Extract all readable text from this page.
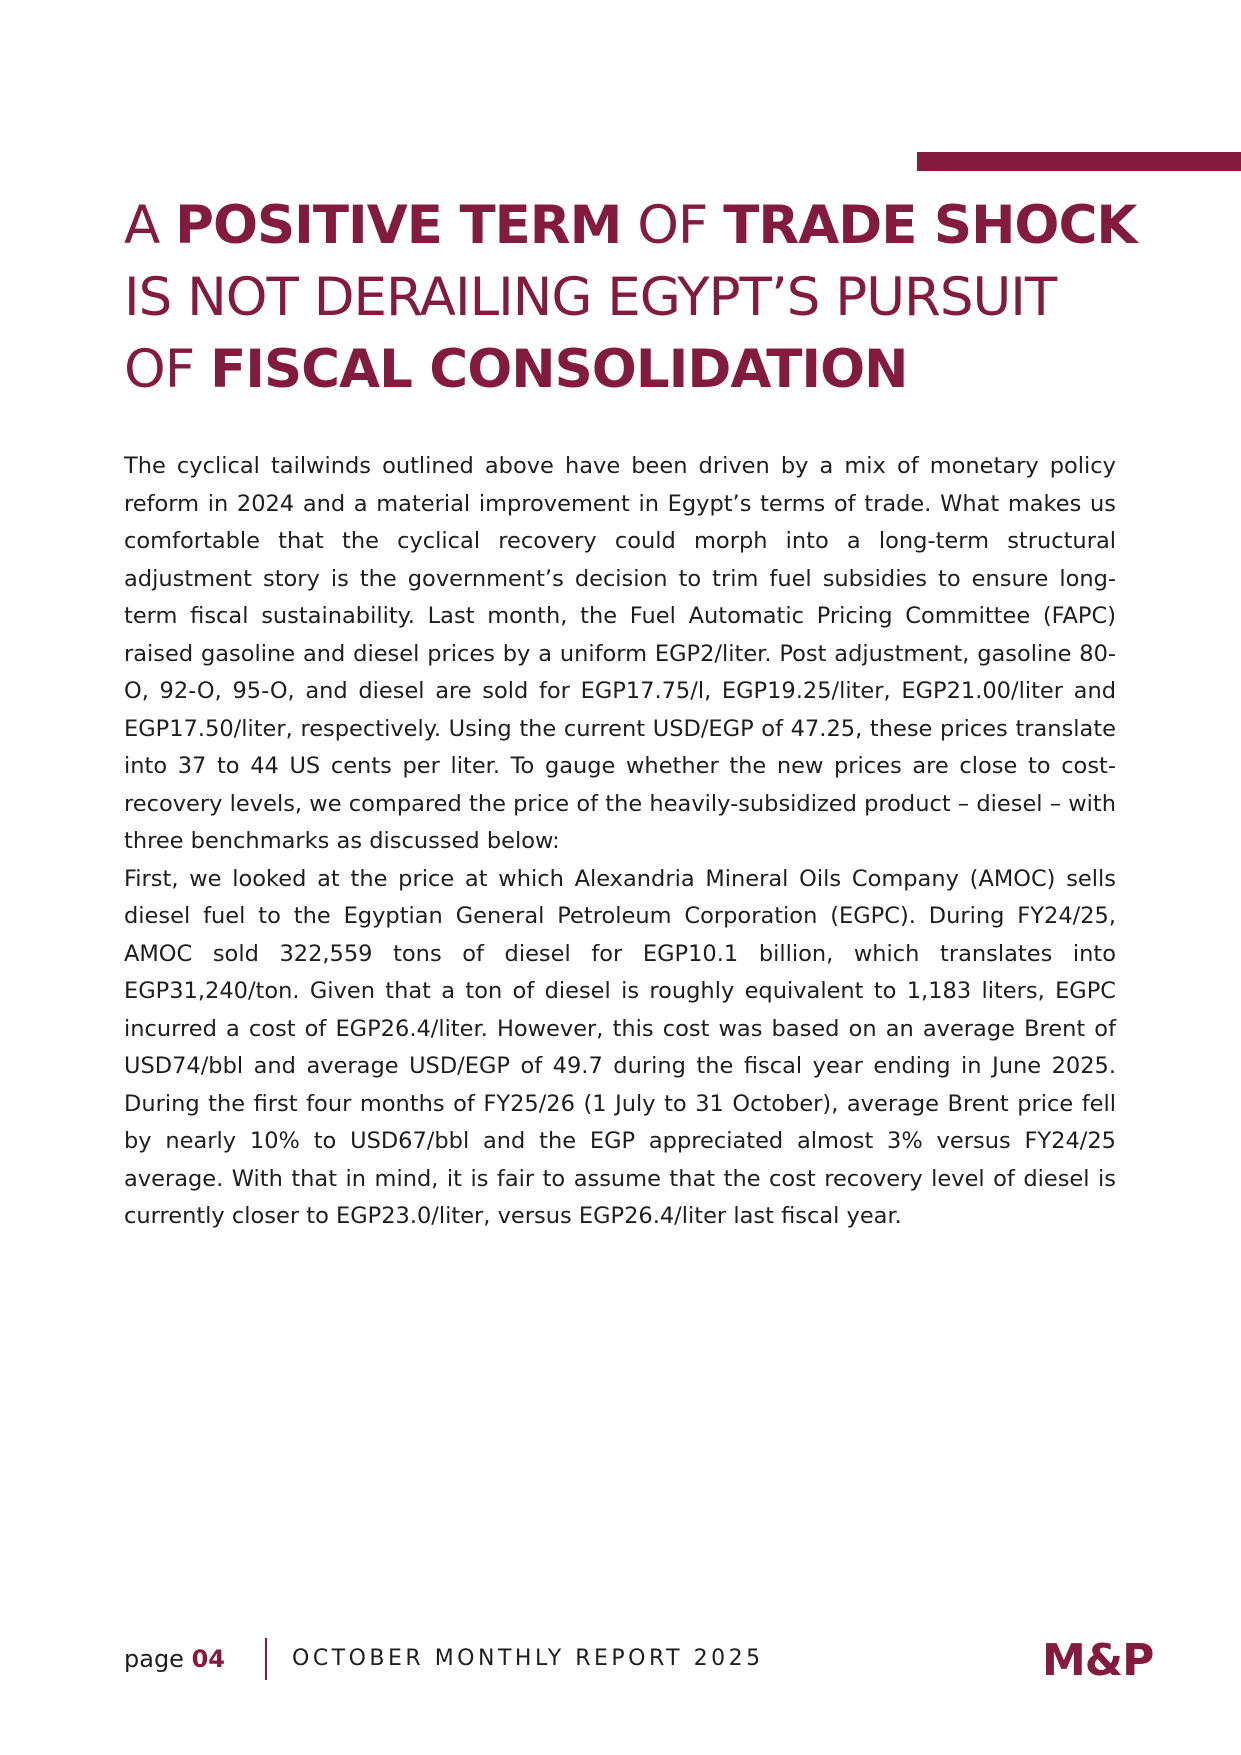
A POSITIVE TERM OF TRADE SHOCK
IS NOT DERAILING EGYPT’S PURSUIT
OF FISCAL CONSOLIDATION

The cyclical tailwinds outlined above have been driven by a mix of monetary policy reform in 2024 and a material improvement in Egypt’s terms of trade. What makes us comfortable that the cyclical recovery could morph into a long-term structural adjustment story is the government’s decision to trim fuel subsidies to ensure long-term fiscal sustainability. Last month, the Fuel Automatic Pricing Committee (FAPC) raised gasoline and diesel prices by a uniform EGP2/liter. Post adjustment, gasoline 80-O, 92-O, 95-O, and diesel are sold for EGP17.75/l, EGP19.25/liter, EGP21.00/liter and EGP17.50/liter, respectively. Using the current USD/EGP of 47.25, these prices translate into 37 to 44 US cents per liter. To gauge whether the new prices are close to cost-recovery levels, we compared the price of the heavily-subsidized product – diesel – with three benchmarks as discussed below:

First, we looked at the price at which Alexandria Mineral Oils Company (AMOC) sells diesel fuel to the Egyptian General Petroleum Corporation (EGPC). During FY24/25, AMOC sold 322,559 tons of diesel for EGP10.1 billion, which translates into EGP31,240/ton. Given that a ton of diesel is roughly equivalent to 1,183 liters, EGPC incurred a cost of EGP26.4/liter. However, this cost was based on an average Brent of USD74/bbl and average USD/EGP of 49.7 during the fiscal year ending in June 2025. During the first four months of FY25/26 (1 July to 31 October), average Brent price fell by nearly 10% to USD67/bbl and the EGP appreciated almost 3% versus FY24/25 average. With that in mind, it is fair to assume that the cost recovery level of diesel is currently closer to EGP23.0/liter, versus EGP26.4/liter last fiscal year.

page 04	OCTOBER MONTHLY REPORT 2025	M&P
